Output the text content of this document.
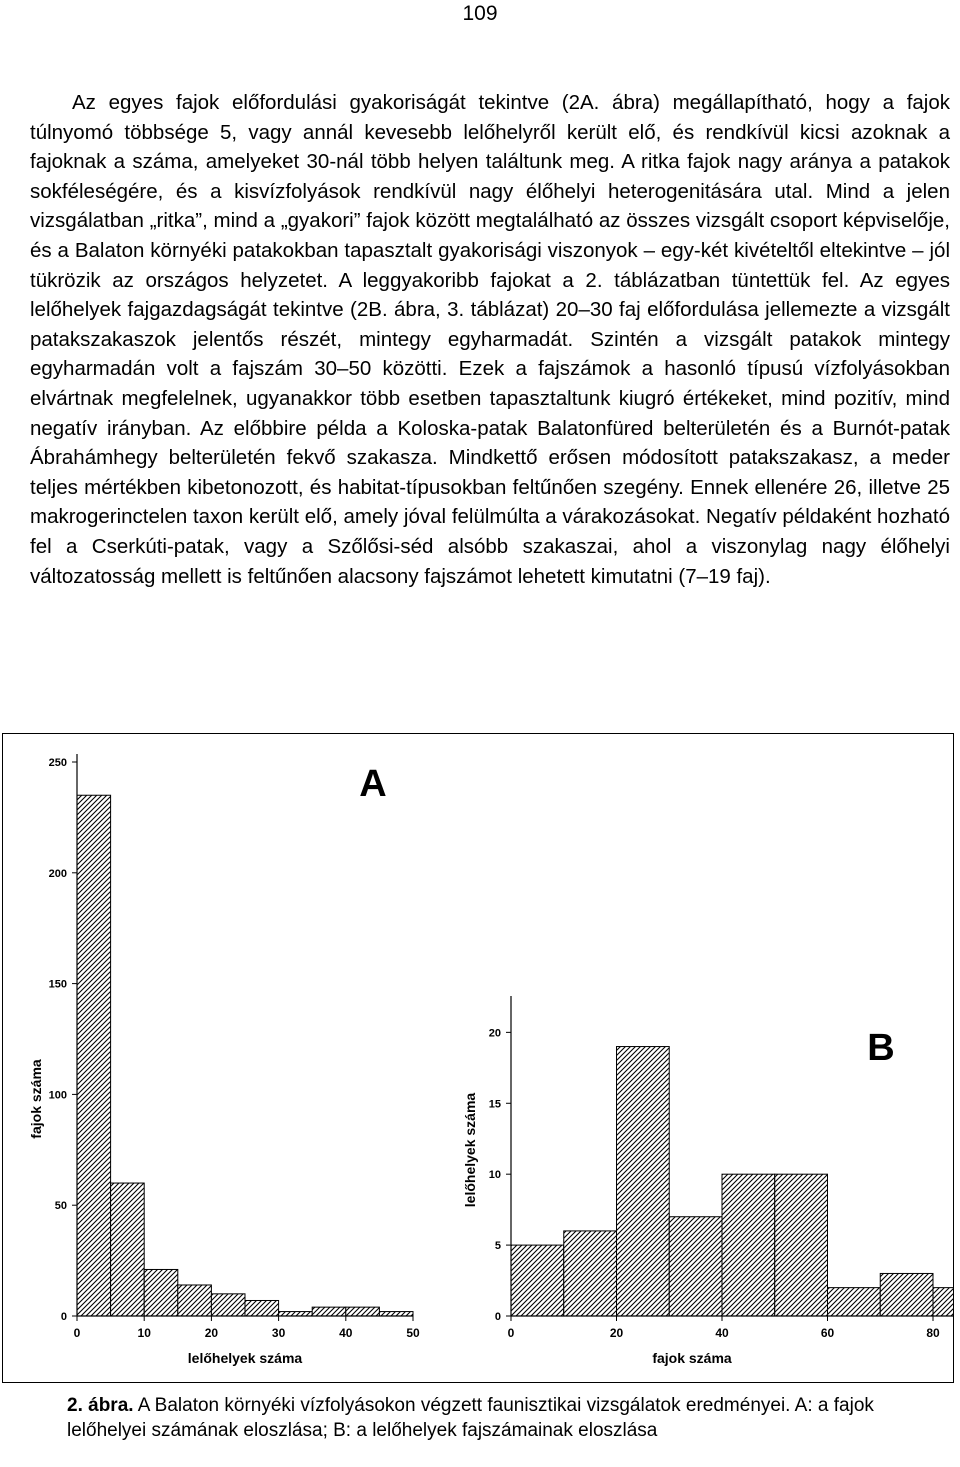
109

Az egyes fajok előfordulási gyakoriságát tekintve (2A. ábra) megállapítható, hogy a fajok túlnyomó többsége 5, vagy annál kevesebb lelőhelyről került elő, és rendkívül kicsi azoknak a fajoknak a száma, amelyeket 30-nál több helyen találtunk meg. A ritka fajok nagy aránya a patakok sokféleségére, és a kisvízfolyások rendkívül nagy élőhelyi heterogenitására utal. Mind a jelen vizsgálatban „ritka”, mind a „gyakori” fajok között megtalálható az összes vizsgált csoport képviselője, és a Balaton környéki patakokban tapasztalt gyakorisági viszonyok – egy-két kivételtől eltekintve – jól tükrözik az országos helyzetet. A leggyakoribb fajokat a 2. táblázatban tüntettük fel. Az egyes lelőhelyek fajgazdagságát tekintve (2B. ábra, 3. táblázat) 20–30 faj előfordulása jellemezte a vizsgált patakszakaszok jelentős részét, mintegy egyharmadát. Szintén a vizsgált patakok mintegy egyharmadán volt a fajszám 30–50 közötti. Ezek a fajszámok a hasonló típusú vízfolyásokban elvártnak megfelelnek, ugyanakkor több esetben tapasztaltunk kiugró értékeket, mind pozitív, mind negatív irányban. Az előbbire példa a Koloska-patak Balatonfüred belterületén és a Burnót-patak Ábrahámhegy belterületén fekvő szakasza. Mindkettő erősen módosított patakszakasz, a meder teljes mértékben kibetonozott, és habitat-típusokban feltűnően szegény. Ennek ellenére 26, illetve 25 makrogerinctelen taxon került elő, amely jóval felülmúlta a várakozásokat. Negatív példaként hozható fel a Cserkúti-patak, vagy a Szőlősi-séd alsóbb szakaszai, ahol a viszonylag nagy élőhelyi változatosság mellett is feltűnően alacsony fajszámot lehetett kimutatni (7–19 faj).

0
50
100
150
200
250
0	10	20	30	40	50
lelőhelyek száma
fajok száma
A
0
5
10
15
20
0	20	40	60	80
fajok száma
lelőhelyek száma
B

2. ábra. A Balaton környéki vízfolyásokon végzett faunisztikai vizsgálatok eredményei. A: a fajok lelőhelyei számának eloszlása; B: a lelőhelyek fajszámainak eloszlása
